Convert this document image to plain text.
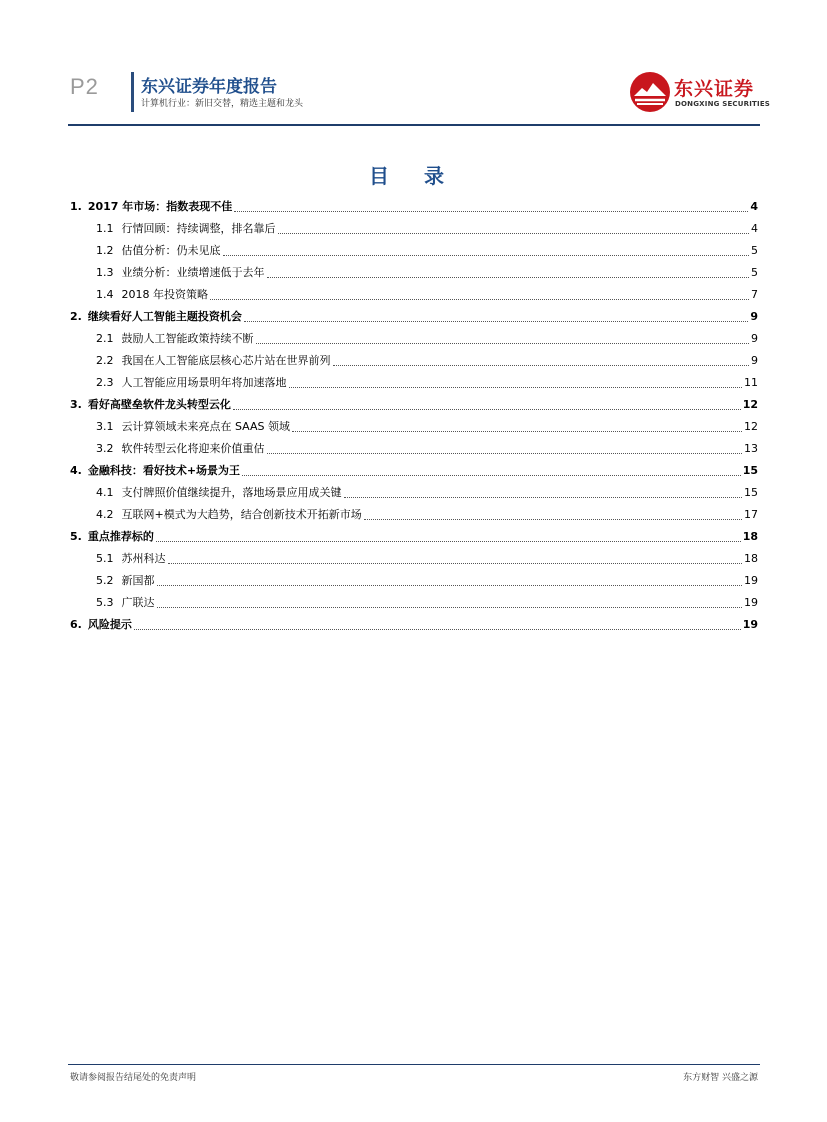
P2 东兴证券年度报告
计算机行业：新旧交替，精选主题和龙头
东兴证券
DONGXING SECURITIES
目 录
1. 2017 年市场：指数表现不佳	4
1.1 行情回顾：持续调整，排名靠后	4
1.2 估值分析：仍未见底	5
1.3 业绩分析：业绩增速低于去年	5
1.4 2018 年投资策略	7
2. 继续看好人工智能主题投资机会	9
2.1 鼓励人工智能政策持续不断	9
2.2 我国在人工智能底层核心芯片站在世界前列	9
2.3 人工智能应用场景明年将加速落地	11
3. 看好高壁垒软件龙头转型云化	12
3.1 云计算领域未来亮点在 SAAS 领域	12
3.2 软件转型云化将迎来价值重估	13
4. 金融科技：看好技术+场景为王	15
4.1 支付牌照价值继续提升，落地场景应用成关键	15
4.2 互联网+模式为大趋势，结合创新技术开拓新市场	17
5. 重点推荐标的	18
5.1 苏州科达	18
5.2 新国都	19
5.3 广联达	19
6. 风险提示	19
敬请参阅报告结尾处的免责声明	东方财智 兴盛之源
